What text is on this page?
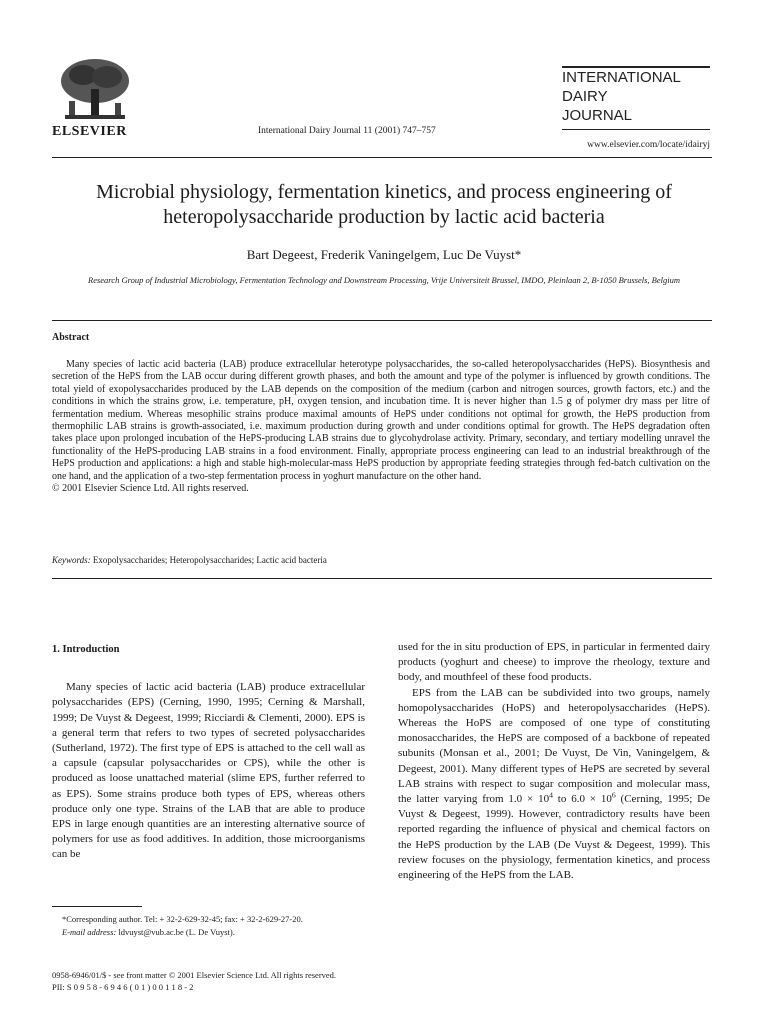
ELSEVIER	International Dairy Journal 11 (2001) 747–757
INTERNATIONAL
DAIRY
JOURNAL
www.elsevier.com/locate/idairyj
Microbial physiology, fermentation kinetics, and process engineering of heteropolysaccharide production by lactic acid bacteria
Bart Degeest, Frederik Vaningelgem, Luc De Vuyst*
Research Group of Industrial Microbiology, Fermentation Technology and Downstream Processing, Vrije Universiteit Brussel, IMDO, Pleinlaan 2, B-1050 Brussels, Belgium
Abstract
Many species of lactic acid bacteria (LAB) produce extracellular heterotype polysaccharides, the so-called heteropolysaccharides (HePS). Biosynthesis and secretion of the HePS from the LAB occur during different growth phases, and both the amount and type of the polymer is influenced by growth conditions. The total yield of exopolysaccharides produced by the LAB depends on the composition of the medium (carbon and nitrogen sources, growth factors, etc.) and the conditions in which the strains grow, i.e. temperature, pH, oxygen tension, and incubation time. It is never higher than 1.5 g of polymer dry mass per litre of fermentation medium. Whereas mesophilic strains produce maximal amounts of HePS under conditions not optimal for growth, the HePS production from thermophilic LAB strains is growth-associated, i.e. maximum production during growth and under conditions optimal for growth. The HePS degradation often takes place upon prolonged incubation of the HePS-producing LAB strains due to glycohydrolase activity. Primary, secondary, and tertiary modelling unravel the functionality of the HePS-producing LAB strains in a food environment. Finally, appropriate process engineering can lead to an industrial breakthrough of the HePS production and applications: a high and stable high-molecular-mass HePS production by appropriate feeding strategies through fed-batch cultivation on the one hand, and the application of a two-step fermentation process in yoghurt manufacture on the other hand.
© 2001 Elsevier Science Ltd. All rights reserved.
Keywords: Exopolysaccharides; Heteropolysaccharides; Lactic acid bacteria

1. Introduction

Many species of lactic acid bacteria (LAB) produce extracellular polysaccharides (EPS) (Cerning, 1990, 1995; Cerning & Marshall, 1999; De Vuyst & Degeest, 1999; Ricciardi & Clementi, 2000). EPS is a general term that refers to two types of secreted polysaccharides (Sutherland, 1972). The first type of EPS is attached to the cell wall as a capsule (capsular polysaccharides or CPS), while the other is produced as loose unattached material (slime EPS, further referred to as EPS). Some strains produce both types of EPS, whereas others produce only one type. Strains of the LAB that are able to produce EPS in large enough quantities are an interesting alternative source of polymers for use as food additives. In addition, those microorganisms can be

used for the in situ production of EPS, in particular in fermented dairy products (yoghurt and cheese) to improve the rheology, texture and body, and mouthfeel of these food products.

EPS from the LAB can be subdivided into two groups, namely homopolysaccharides (HoPS) and heteropolysaccharides (HePS). Whereas the HoPS are composed of one type of constituting monosaccharides, the HePS are composed of a backbone of repeated subunits (Monsan et al., 2001; De Vuyst, De Vin, Vaningelgem, & Degeest, 2001). Many different types of HePS are secreted by several LAB strains with respect to sugar composition and molecular mass, the latter varying from $1.0 \times 10^4$ to $6.0 \times 10^6$ (Cerning, 1995; De Vuyst & Degeest, 1999). However, contradictory results have been reported regarding the influence of physical and chemical factors on the HePS production by the LAB (De Vuyst & Degeest, 1999). This review focuses on the physiology, fermentation kinetics, and process engineering of the HePS from the LAB.

*Corresponding author. Tel: + 32-2-629-32-45; fax: + 32-2-629-27-20.
E-mail address: ldvuyst@vub.ac.be (L. De Vuyst).
0958-6946/01/$ - see front matter © 2001 Elsevier Science Ltd. All rights reserved.
PII: S 0 9 5 8 - 6 9 4 6 ( 0 1 ) 0 0 1 1 8 - 2
